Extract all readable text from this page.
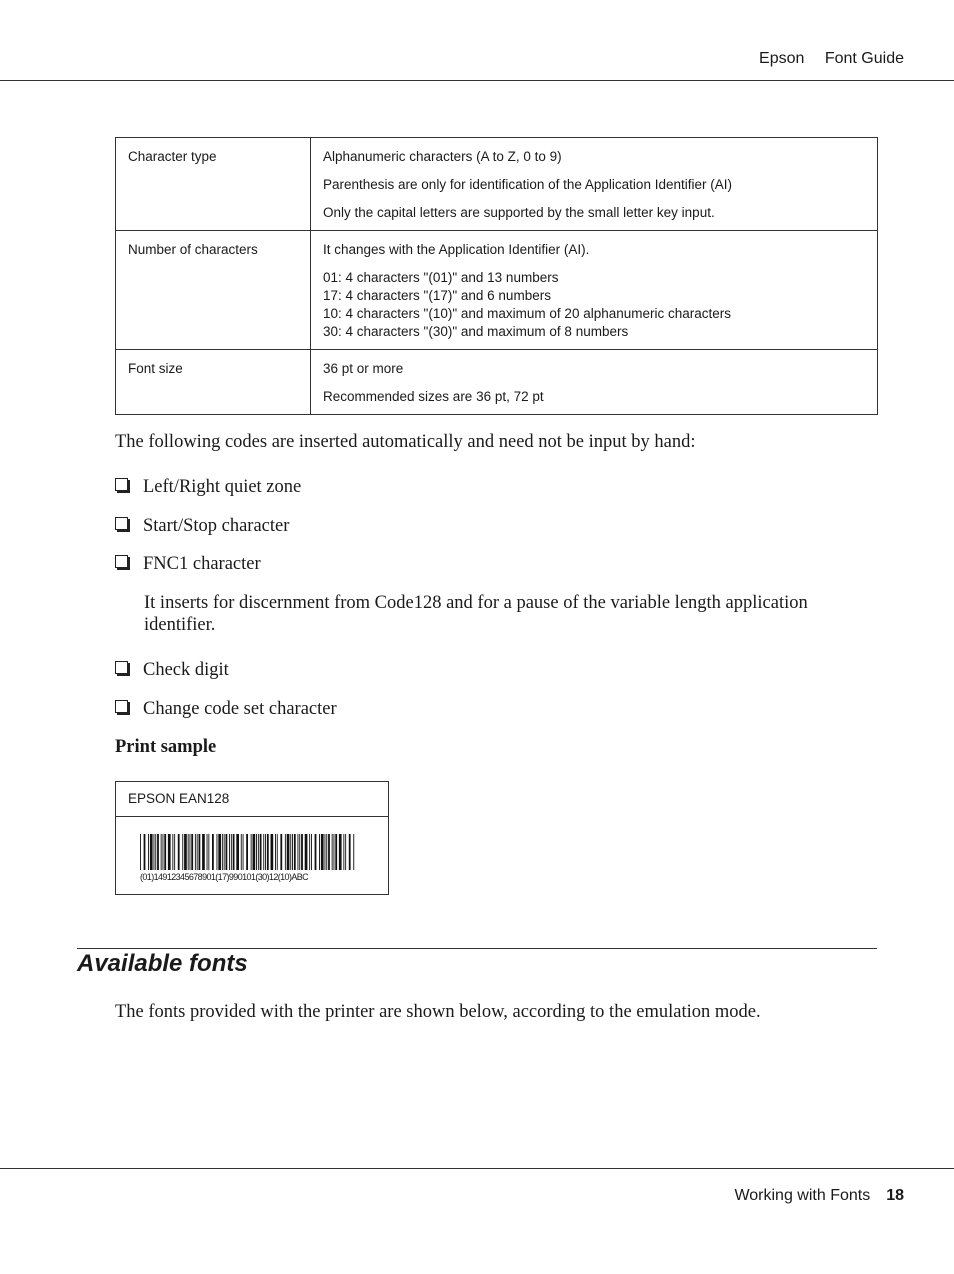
Epson Font Guide
Character type	Alphanumeric characters (A to Z, 0 to 9)

Parenthesis are only for identification of the Application Identifier (AI)

Only the capital letters are supported by the small letter key input.

Number of characters	It changes with the Application Identifier (AI).

01: 4 characters "(01)" and 13 numbers
17: 4 characters "(17)" and 6 numbers
10: 4 characters "(10)" and maximum of 20 alphanumeric characters
30: 4 characters "(30)" and maximum of 8 numbers

Font size	36 pt or more

Recommended sizes are 36 pt, 72 pt

The following codes are inserted automatically and need not be input by hand:
Left/Right quiet zone
Start/Stop character
FNC1 character
It inserts for discernment from Code128 and for a pause of the variable length application identifier.
Check digit
Change code set character
Print sample
EPSON EAN128
(01)14912345678901(17)990101(30)12(10)ABC
Available fonts
The fonts provided with the printer are shown below, according to the emulation mode.
Working with Fonts 18
